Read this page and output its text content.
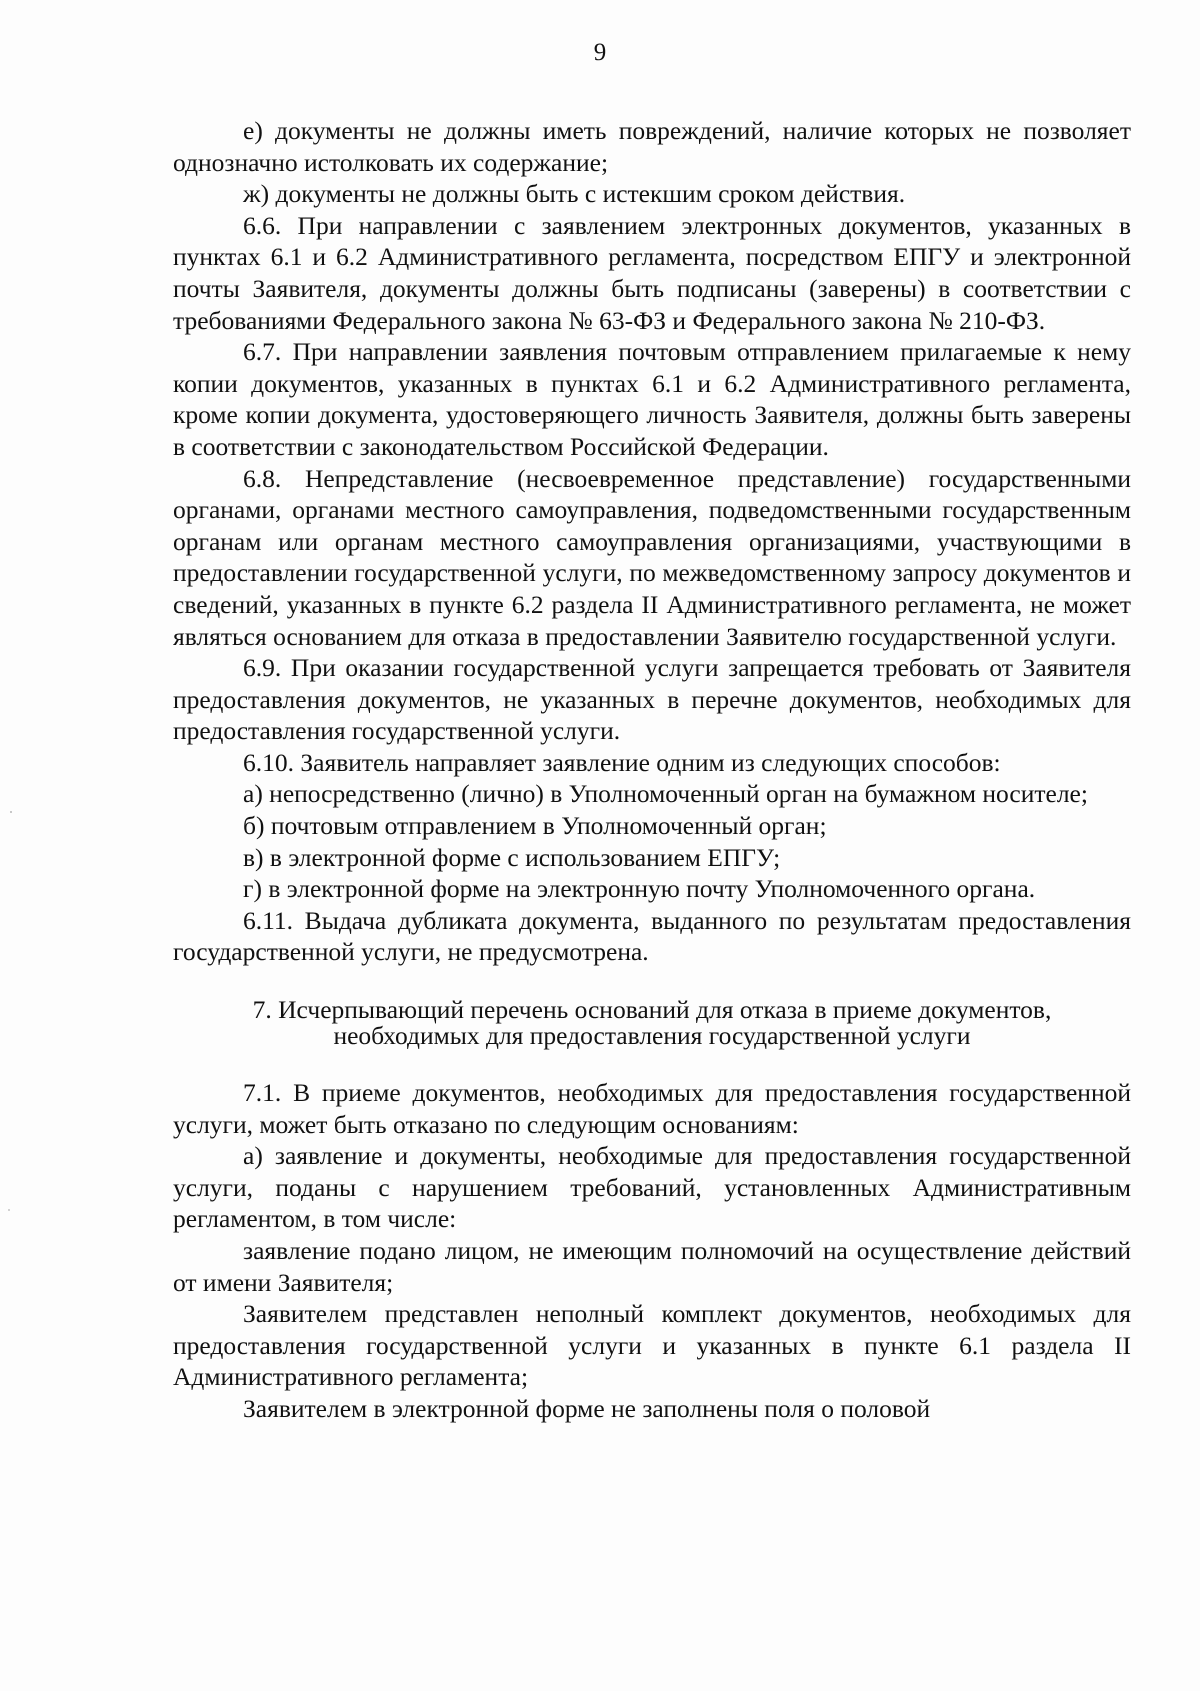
9

е) документы не должны иметь повреждений, наличие которых не позволяет однозначно истолковать их содержание;

ж) документы не должны быть с истекшим сроком действия.

6.6. При направлении с заявлением электронных документов, указанных в пунктах 6.1 и 6.2 Административного регламента, посредством ЕПГУ и электронной почты Заявителя, документы должны быть подписаны (заверены) в соответствии с требованиями Федерального закона № 63-ФЗ и Федерального закона № 210-ФЗ.

6.7. При направлении заявления почтовым отправлением прилагаемые к нему копии документов, указанных в пунктах 6.1 и 6.2 Административного регламента, кроме копии документа, удостоверяющего личность Заявителя, должны быть заверены в соответствии с законодательством Российской Федерации.

6.8. Непредставление (несвоевременное представление) государственными органами, органами местного самоуправления, подведомственными государственным органам или органам местного самоуправления организациями, участвующими в предоставлении государственной услуги, по межведомственному запросу документов и сведений, указанных в пункте 6.2 раздела II Административного регламента, не может являться основанием для отказа в предоставлении Заявителю государственной услуги.

6.9. При оказании государственной услуги запрещается требовать от Заявителя предоставления документов, не указанных в перечне документов, необходимых для предоставления государственной услуги.

6.10. Заявитель направляет заявление одним из следующих способов:

а) непосредственно (лично) в Уполномоченный орган на бумажном носителе;

б) почтовым отправлением в Уполномоченный орган;

в) в электронной форме с использованием ЕПГУ;

г) в электронной форме на электронную почту Уполномоченного органа.

6.11. Выдача дубликата документа, выданного по результатам предоставления государственной услуги, не предусмотрена.

7. Исчерпывающий перечень оснований для отказа в приеме документов,

необходимых для предоставления государственной услуги

7.1. В приеме документов, необходимых для предоставления государственной услуги, может быть отказано по следующим основаниям:

а) заявление и документы, необходимые для предоставления государственной услуги, поданы с нарушением требований, установленных Административным регламентом, в том числе:

заявление подано лицом, не имеющим полномочий на осуществление действий от имени Заявителя;

Заявителем представлен неполный комплект документов, необходимых для предоставления государственной услуги и указанных в пункте 6.1 раздела II Административного регламента;

Заявителем в электронной форме не заполнены поля о половой
